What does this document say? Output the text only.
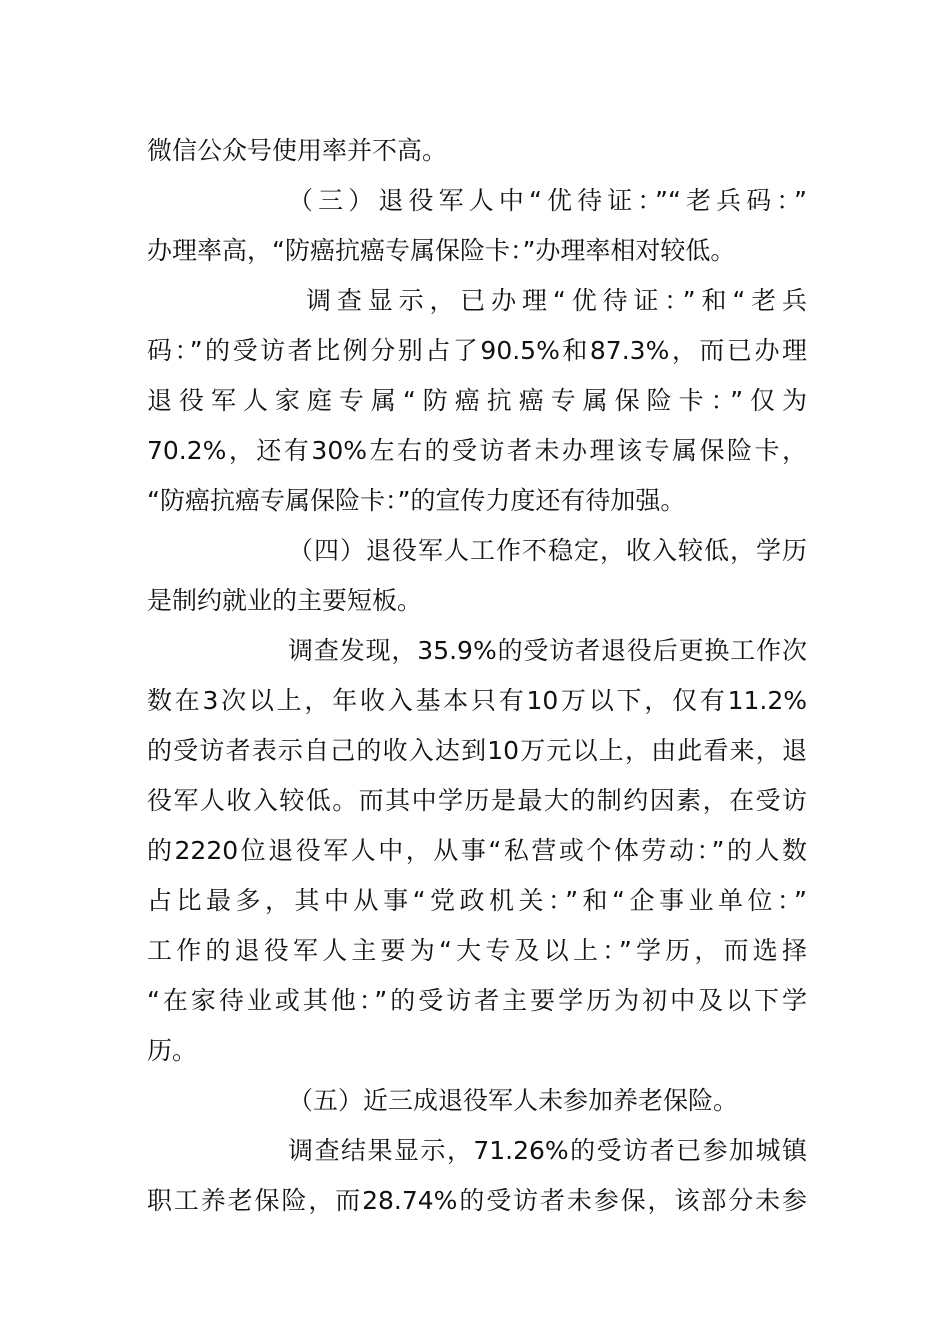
微信公众号使用率并不高。
（三）退役军人中“优待证：”“老兵码：”
办理率高，“防癌抗癌专属保险卡：”办理率相对较低。
调查显示，已办理“优待证：”和“老兵
码：”的受访者比例分别占了90.5%和87.3%，而已办理
退役军人家庭专属“防癌抗癌专属保险卡：”仅为
70.2%，还有30%左右的受访者未办理该专属保险卡，
“防癌抗癌专属保险卡：”的宣传力度还有待加强。
（四）退役军人工作不稳定，收入较低，学历
是制约就业的主要短板。
调查发现，35.9%的受访者退役后更换工作次
数在3次以上，年收入基本只有10万以下，仅有11.2%
的受访者表示自己的收入达到10万元以上，由此看来，退
役军人收入较低。而其中学历是最大的制约因素，在受访
的2220位退役军人中，从事“私营或个体劳动：”的人数
占比最多，其中从事“党政机关：”和“企事业单位：”
工作的退役军人主要为“大专及以上：”学历，而选择
“在家待业或其他：”的受访者主要学历为初中及以下学
历。
（五）近三成退役军人未参加养老保险。
调查结果显示，71.26%的受访者已参加城镇
职工养老保险，而28.74%的受访者未参保，该部分未参
